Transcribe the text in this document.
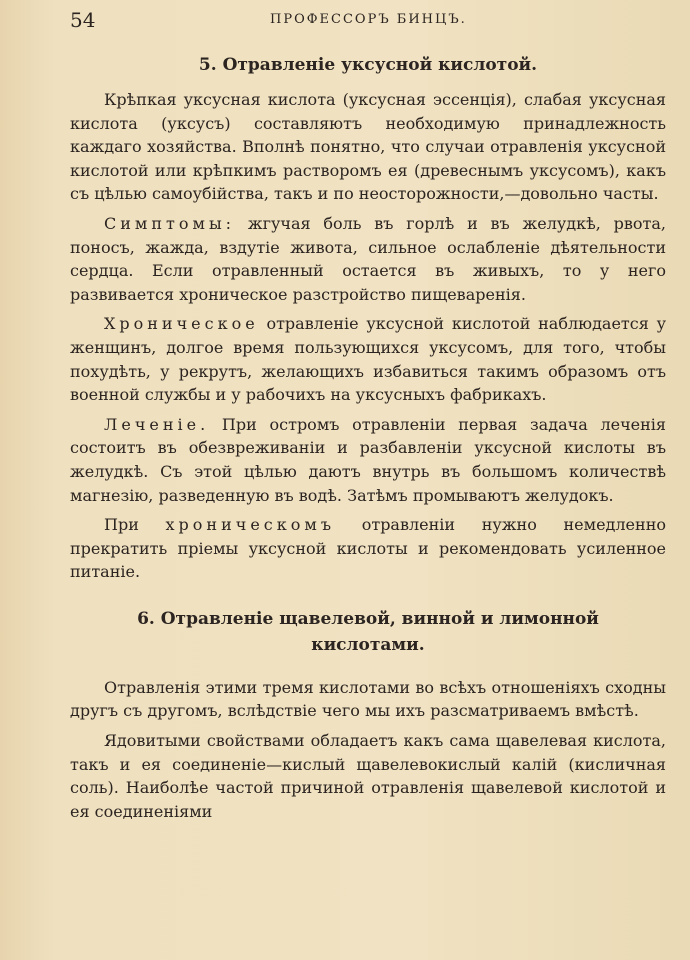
54	ПРОФЕССОРЪ БИНЦЪ.
5. Отравленіе уксусной кислотой.

Крѣпкая уксусная кислота (уксусная эссенція), слабая уксусная кислота (уксусъ) составляютъ необходимую принадлежность каждаго хозяйства. Вполнѣ понятно, что случаи отравленія уксусной кислотой или крѣпкимъ растворомъ ея (древеснымъ уксусомъ), какъ съ цѣлью самоубійства, такъ и по неосторожности,—довольно часты.

Симптомы: жгучая боль въ горлѣ и въ желудкѣ, рвота, поносъ, жажда, вздутіе живота, сильное ослабленіе дѣятельности сердца. Если отравленный остается въ живыхъ, то у него развивается хроническое разстройство пищеваренія.

Хроническое отравленіе уксусной кислотой наблюдается у женщинъ, долгое время пользующихся уксусомъ, для того, чтобы похудѣть, у рекрутъ, желающихъ избавиться такимъ образомъ отъ военной службы и у рабочихъ на уксусныхъ фабрикахъ.

Леченіе. При остромъ отравленіи первая задача леченія состоитъ въ обезвреживаніи и разбавленіи уксусной кислоты въ желудкѣ. Съ этой цѣлью даютъ внутрь въ большомъ количествѣ магнезію, разведенную въ водѣ. Затѣмъ промываютъ желудокъ.

При хроническомъ отравленіи нужно немедленно прекратить пріемы уксусной кислоты и рекомендовать усиленное питаніе.

6. Отравленіе щавелевой, винной и лимонной
кислотами.

Отравленія этими тремя кислотами во всѣхъ отношеніяхъ сходны другъ съ другомъ, вслѣдствіе чего мы ихъ разсматриваемъ вмѣстѣ.

Ядовитыми свойствами обладаетъ какъ сама щавелевая кислота, такъ и ея соединеніе—кислый щавелевокислый калій (кисличная соль). Наиболѣе частой причиной отравленія щавелевой кислотой и ея соединеніями
